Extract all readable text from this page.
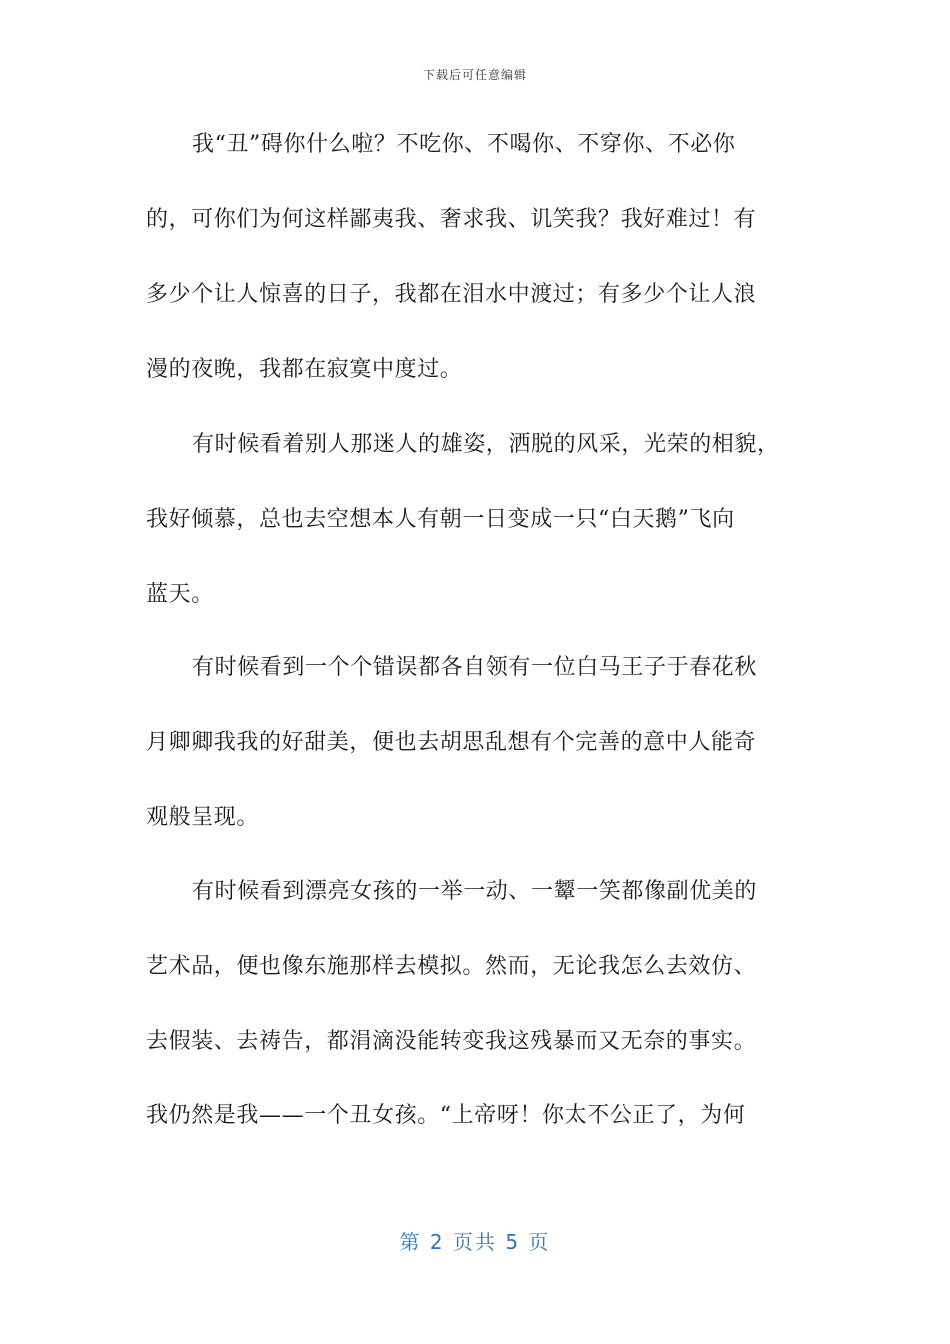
下载后可任意编辑
我“丑”碍你什么啦？不吃你、不喝你、不穿你、不必你
的，可你们为何这样鄙夷我、奢求我、讥笑我？我好难过！有
多少个让人惊喜的日子，我都在泪水中渡过；有多少个让人浪
漫的夜晚，我都在寂寞中度过。
有时候看着别人那迷人的雄姿，洒脱的风采，光荣的相貌，
我好倾慕，总也去空想本人有朝一日变成一只“白天鹅”飞向
蓝天。
有时候看到一个个错误都各自领有一位白马王子于春花秋
月卿卿我我的好甜美，便也去胡思乱想有个完善的意中人能奇
观般呈现。
有时候看到漂亮女孩的一举一动、一颦一笑都像副优美的
艺术品，便也像东施那样去模拟。然而，无论我怎么去效仿、
去假装、去祷告，都涓滴没能转变我这残暴而又无奈的事实。
我仍然是我——一个丑女孩。“上帝呀！你太不公正了，为何
第 2 页共 5 页
